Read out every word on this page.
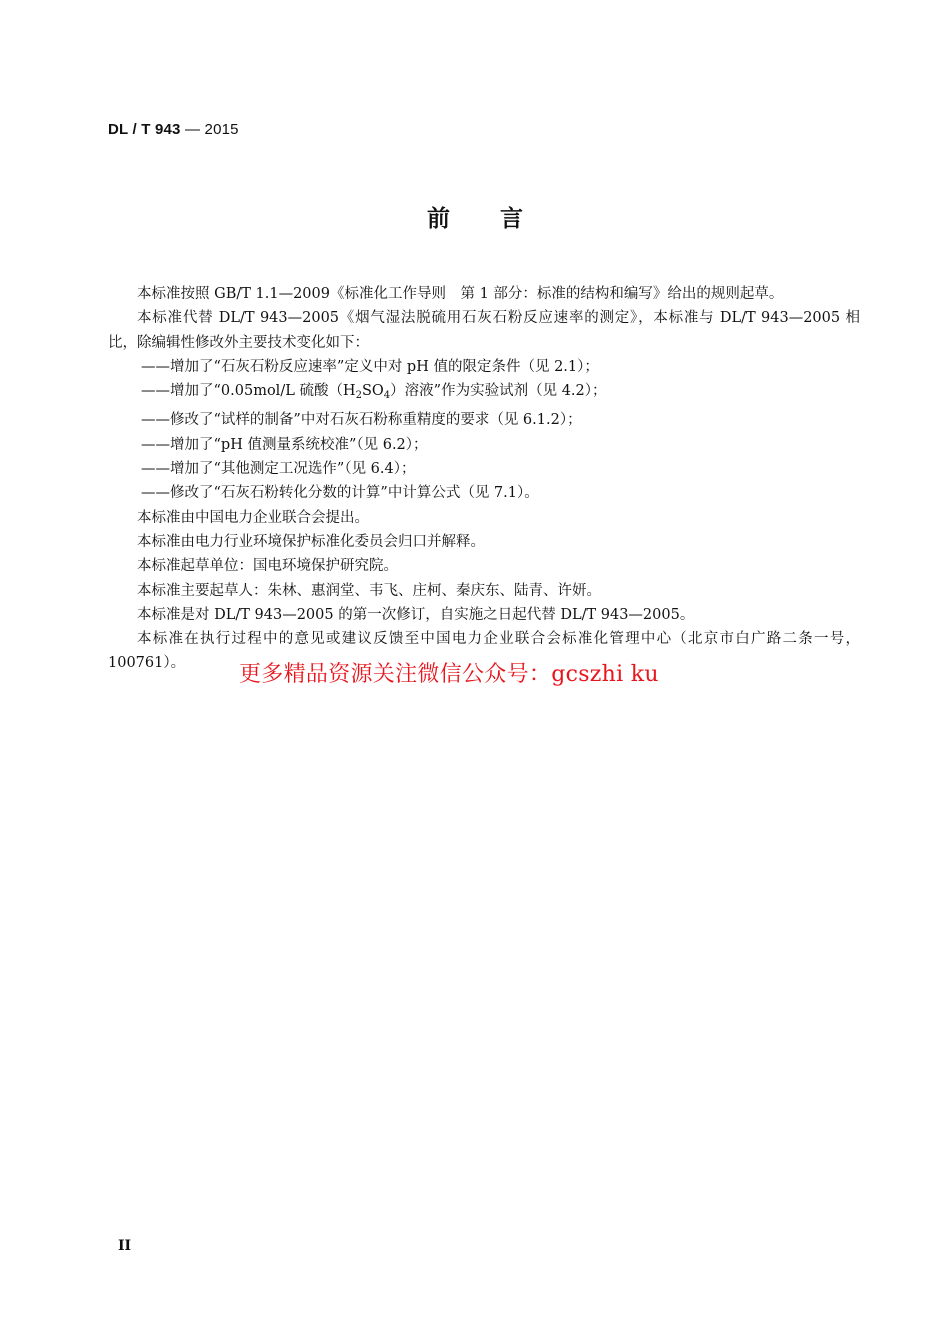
DL / T 943 — 2015
前言

本标准按照 GB/T 1.1—2009《标准化工作导则　第 1 部分：标准的结构和编写》给出的规则起草。

本标准代替 DL/T 943—2005《烟气湿法脱硫用石灰石粉反应速率的测定》，本标准与 DL/T 943—2005 相比，除编辑性修改外主要技术变化如下：

——增加了“石灰石粉反应速率”定义中对 pH 值的限定条件（见 2.1）；

——增加了“0.05mol/L 硫酸$(H_2SO_4)$溶液”作为实验试剂（见 4.2）；

——修改了“试样的制备”中对石灰石粉称重精度的要求（见 6.1.2）；

——增加了“pH 值测量系统校准”（见 6.2）；

——增加了“其他测定工况选作”（见 6.4）；

——修改了“石灰石粉转化分数的计算”中计算公式（见 7.1）。

本标准由中国电力企业联合会提出。

本标准由电力行业环境保护标准化委员会归口并解释。

本标准起草单位：国电环境保护研究院。

本标准主要起草人：朱林、惠润堂、韦飞、庄柯、秦庆东、陆青、许妍。

本标准是对 DL/T 943—2005 的第一次修订，自实施之日起代替 DL/T 943—2005。

本标准在执行过程中的意见或建议反馈至中国电力企业联合会标准化管理中心（北京市白广路二条一号，100761）。	更多精品资源关注微信公众号：gcszhi ku
II
